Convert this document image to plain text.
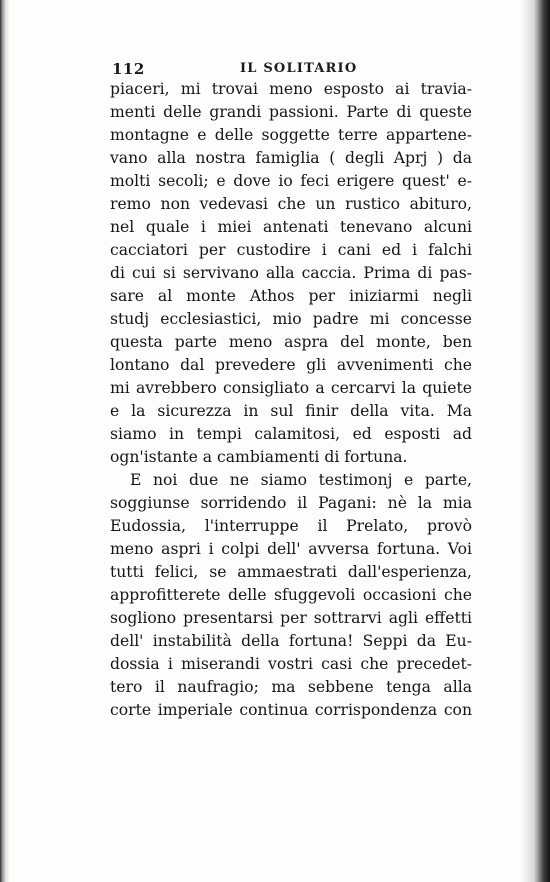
112	IL SOLITARIO
piaceri, mi trovai meno esposto ai travia-
menti delle grandi passioni. Parte di queste
montagne e delle soggette terre appartene-
vano alla nostra famiglia ( degli Aprj ) da
molti secoli; e dove io feci erigere quest' e-
remo non vedevasi che un rustico abituro,
nel quale i miei antenati tenevano alcuni
cacciatori per custodire i cani ed i falchi
di cui si servivano alla caccia. Prima di pas-
sare al monte Athos per iniziarmi negli
studj ecclesiastici, mio padre mi concesse
questa parte meno aspra del monte, ben
lontano dal prevedere gli avvenimenti che
mi avrebbero consigliato a cercarvi la quiete
e la sicurezza in sul finir della vita. Ma
siamo in tempi calamitosi, ed esposti ad
ogn'istante a cambiamenti di fortuna.
E noi due ne siamo testimonj e parte,
soggiunse sorridendo il Pagani: nè la mia
Eudossia, l'interruppe il Prelato, provò
meno aspri i colpi dell' avversa fortuna. Voi
tutti felici, se ammaestrati dall'esperienza,
approfitterete delle sfuggevoli occasioni che
sogliono presentarsi per sottrarvi agli effetti
dell' instabilità della fortuna! Seppi da Eu-
dossia i miserandi vostri casi che precedet-
tero il naufragio; ma sebbene tenga alla
corte imperiale continua corrispondenza con
